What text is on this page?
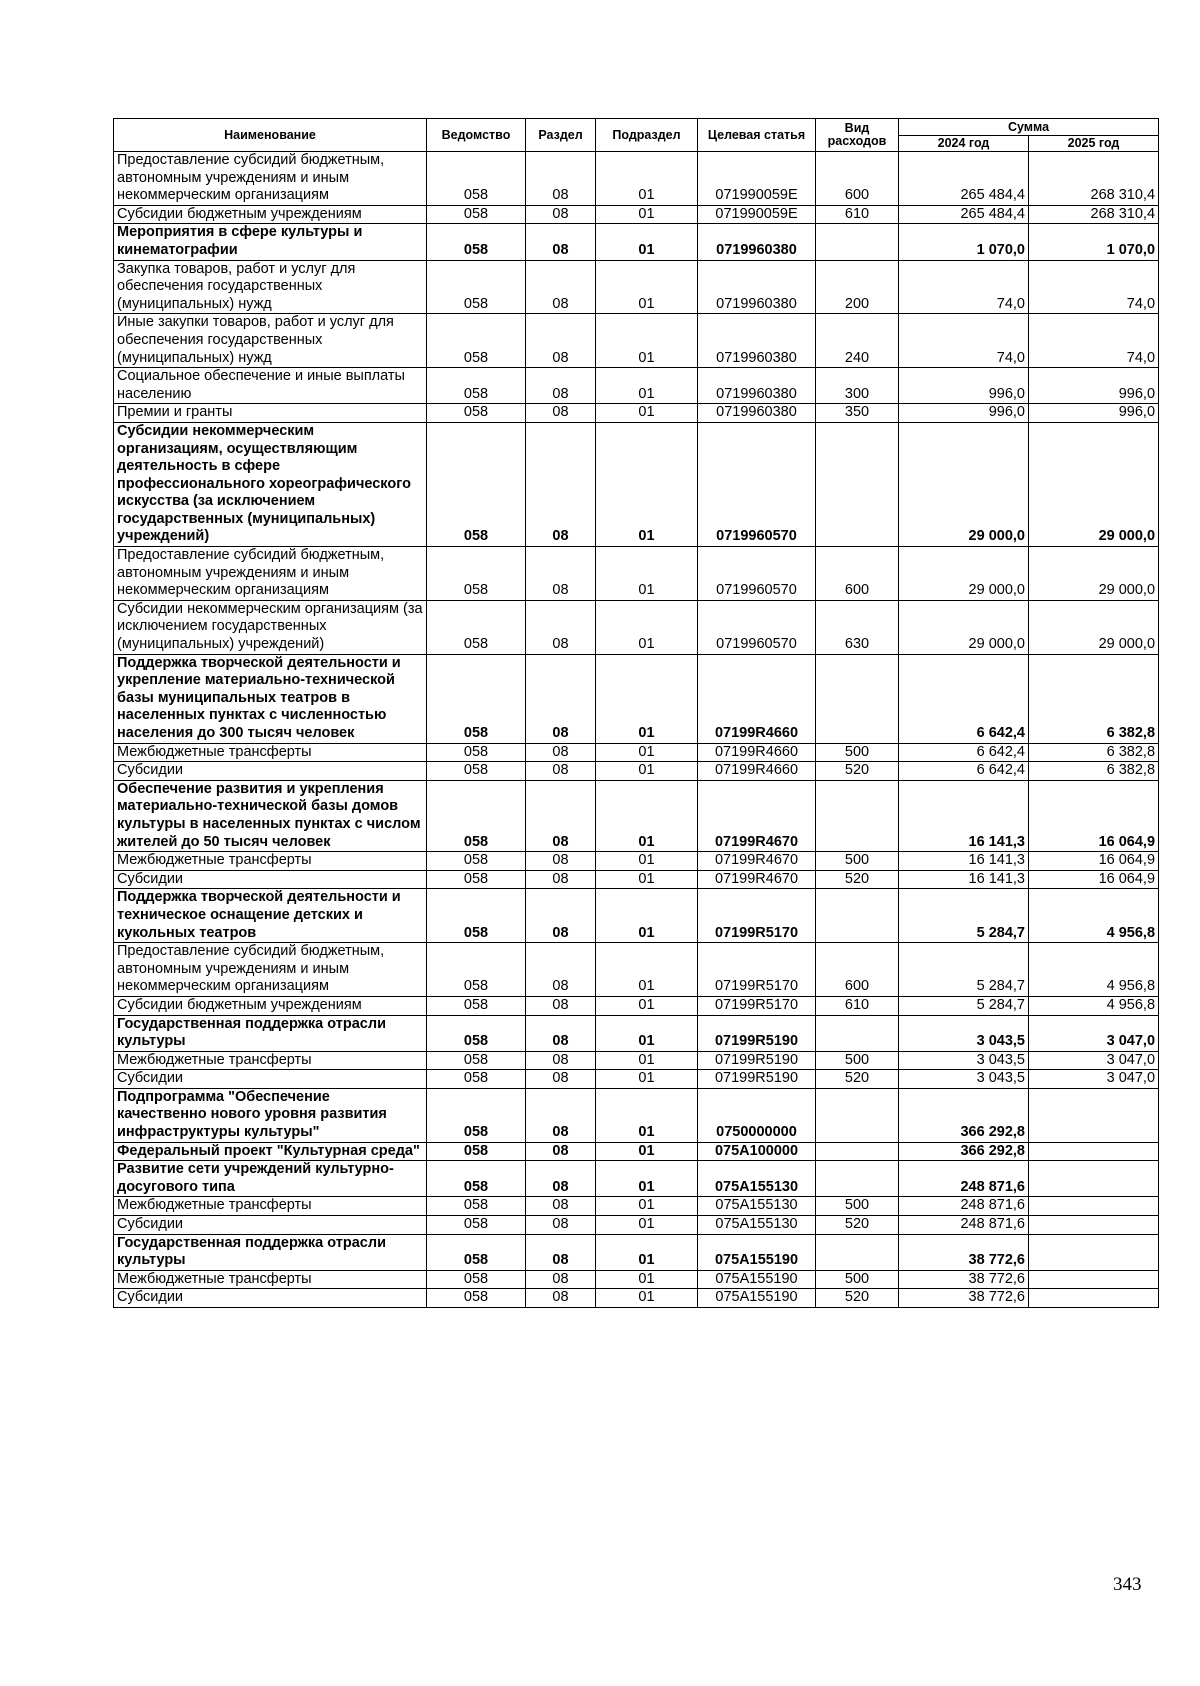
Наименование	Ведомство	Раздел	Подраздел	Целевая статья	Вид расходов	Сумма	
						2024 год	2025 год
Предоставление субсидий бюджетным, автономным учреждениям и иным некоммерческим организациям	058	08	01	071990059E	600	265 484,4	268 310,4
Субсидии бюджетным учреждениям	058	08	01	071990059E	610	265 484,4	268 310,4
Мероприятия в сфере культуры и кинематографии	058	08	01	0719960380		1 070,0	1 070,0
Закупка товаров, работ и услуг для обеспечения государственных (муниципальных) нужд	058	08	01	0719960380	200	74,0	74,0
Иные закупки товаров, работ и услуг для обеспечения государственных (муниципальных) нужд	058	08	01	0719960380	240	74,0	74,0
Социальное обеспечение и иные выплаты населению	058	08	01	0719960380	300	996,0	996,0
Премии и гранты	058	08	01	0719960380	350	996,0	996,0
Субсидии некоммерческим организациям, осуществляющим деятельность в сфере профессионального хореографического искусства (за исключением государственных (муниципальных) учреждений)	058	08	01	0719960570		29 000,0	29 000,0
Предоставление субсидий бюджетным, автономным учреждениям и иным некоммерческим организациям	058	08	01	0719960570	600	29 000,0	29 000,0
Субсидии некоммерческим организациям (за исключением государственных (муниципальных) учреждений)	058	08	01	0719960570	630	29 000,0	29 000,0
Поддержка творческой деятельности и укрепление материально-технической базы муниципальных театров в населенных пунктах с численностью населения до 300 тысяч человек	058	08	01	07199R4660		6 642,4	6 382,8
Межбюджетные трансферты	058	08	01	07199R4660	500	6 642,4	6 382,8
Субсидии	058	08	01	07199R4660	520	6 642,4	6 382,8
Обеспечение развития и укрепления материально-технической базы домов культуры в населенных пунктах с числом жителей до 50 тысяч человек	058	08	01	07199R4670		16 141,3	16 064,9
Межбюджетные трансферты	058	08	01	07199R4670	500	16 141,3	16 064,9
Субсидии	058	08	01	07199R4670	520	16 141,3	16 064,9
Поддержка творческой деятельности и техническое оснащение детских и кукольных театров	058	08	01	07199R5170		5 284,7	4 956,8
Предоставление субсидий бюджетным, автономным учреждениям и иным некоммерческим организациям	058	08	01	07199R5170	600	5 284,7	4 956,8
Субсидии бюджетным учреждениям	058	08	01	07199R5170	610	5 284,7	4 956,8
Государственная поддержка отрасли культуры	058	08	01	07199R5190		3 043,5	3 047,0
Межбюджетные трансферты	058	08	01	07199R5190	500	3 043,5	3 047,0
Субсидии	058	08	01	07199R5190	520	3 043,5	3 047,0
Подпрограмма "Обеспечение качественно нового уровня развития инфраструктуры культуры"	058	08	01	0750000000		366 292,8	
Федеральный проект "Культурная среда"	058	08	01	075A100000		366 292,8	
Развитие сети учреждений культурно-досугового типа	058	08	01	075A155130		248 871,6	
Межбюджетные трансферты	058	08	01	075A155130	500	248 871,6	
Субсидии	058	08	01	075A155130	520	248 871,6	
Государственная поддержка отрасли культуры	058	08	01	075A155190		38 772,6	
Межбюджетные трансферты	058	08	01	075A155190	500	38 772,6	
Субсидии	058	08	01	075A155190	520	38 772,6	
343
